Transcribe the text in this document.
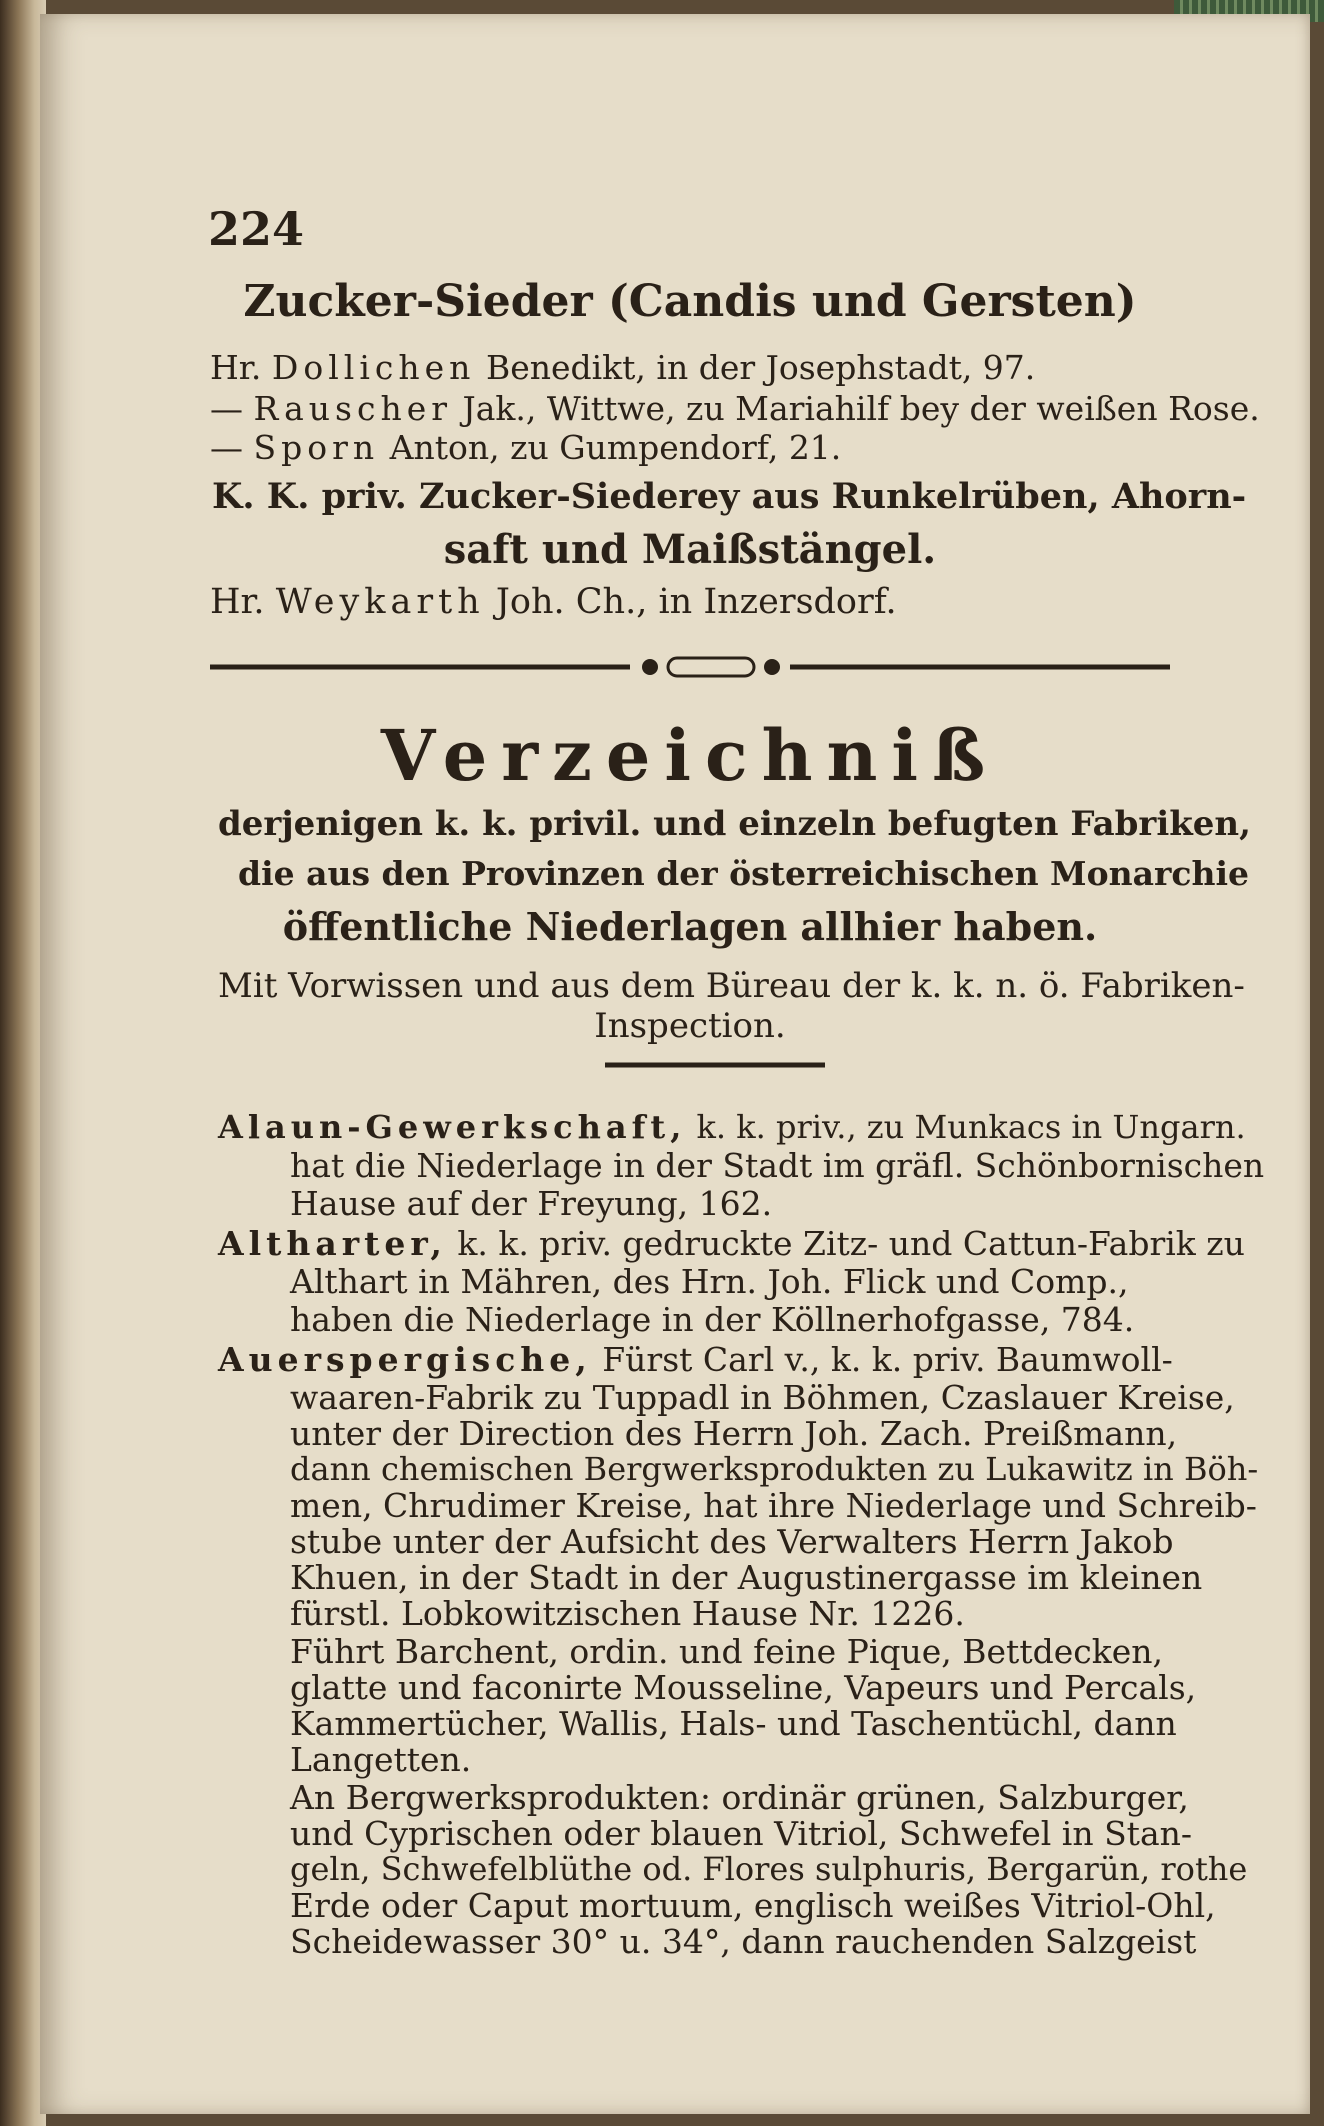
224
Zucker-Sieder (Candis und Gersten)
Hr. Dollichen Benedikt, in der Josephstadt, 97.
— Rauscher Jak., Wittwe, zu Mariahilf bey der weißen Rose.
— Sporn Anton, zu Gumpendorf, 21.
K. K. priv. Zucker-Siederey aus Runkelrüben, Ahorn-
saft und Maißstängel.
Hr. Weykarth Joh. Ch., in Inzersdorf.
Verzeichniß
derjenigen k. k. privil. und einzeln befugten Fabriken,
die aus den Provinzen der österreichischen Monarchie
öffentliche Niederlagen allhier haben.
Mit Vorwissen und aus dem Büreau der k. k. n. ö. Fabriken-
Inspection.
Alaun-Gewerkschaft, k. k. priv., zu Munkacs in Ungarn.
hat die Niederlage in der Stadt im gräfl. Schönbornischen
Hause auf der Freyung, 162.
Altharter, k. k. priv. gedruckte Zitz- und Cattun-Fabrik zu
Althart in Mähren, des Hrn. Joh. Flick und Comp.,
haben die Niederlage in der Köllnerhofgasse, 784.
Auerspergische, Fürst Carl v., k. k. priv. Baumwoll-
waaren-Fabrik zu Tuppadl in Böhmen, Czaslauer Kreise,
unter der Direction des Herrn Joh. Zach. Preißmann,
dann chemischen Bergwerksprodukten zu Lukawitz in Böh-
men, Chrudimer Kreise, hat ihre Niederlage und Schreib-
stube unter der Aufsicht des Verwalters Herrn Jakob
Khuen, in der Stadt in der Augustinergasse im kleinen
fürstl. Lobkowitzischen Hause Nr. 1226.
Führt Barchent, ordin. und feine Pique, Bettdecken,
glatte und faconirte Mousseline, Vapeurs und Percals,
Kammertücher, Wallis, Hals- und Taschentüchl, dann
Langetten.
An Bergwerksprodukten: ordinär grünen, Salzburger,
und Cyprischen oder blauen Vitriol, Schwefel in Stan-
geln, Schwefelblüthe od. Flores sulphuris, Bergarün, rothe
Erde oder Caput mortuum, englisch weißes Vitriol-Ohl,
Scheidewasser 30° u. 34°, dann rauchenden Salzgeist
